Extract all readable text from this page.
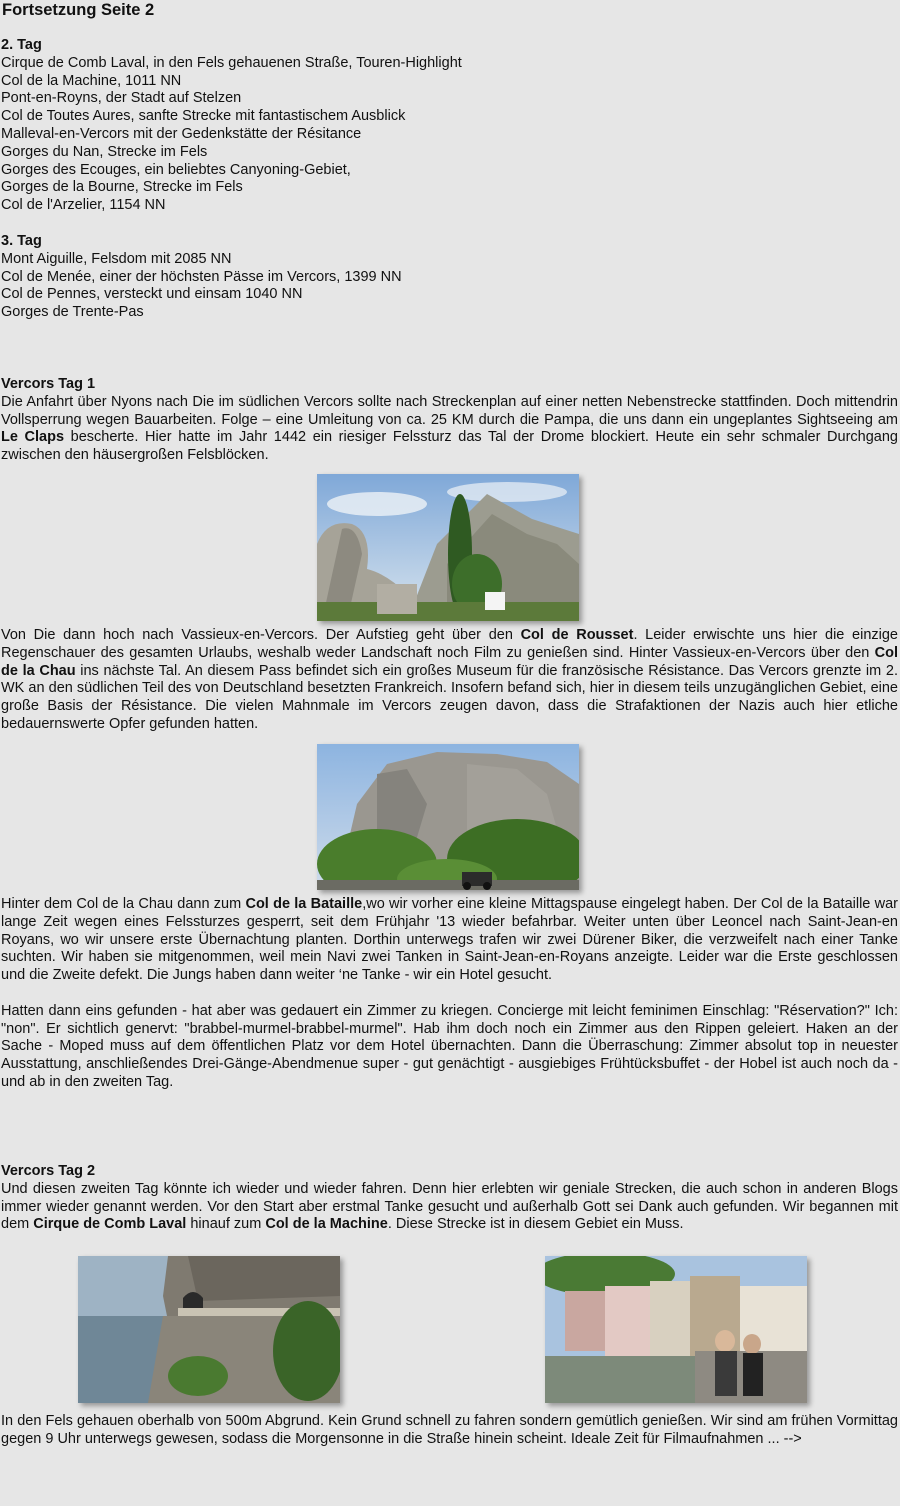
Fortsetzung Seite 2
2. Tag
Cirque de Comb Laval, in den Fels gehauenen Straße, Touren-Highlight
Col de la Machine, 1011 NN
Pont-en-Royns, der Stadt auf Stelzen
Col de Toutes Aures, sanfte Strecke mit fantastischem Ausblick
Malleval-en-Vercors mit der Gedenkstätte der Résitance
Gorges du Nan, Strecke im Fels
Gorges des Ecouges, ein beliebtes Canyoning-Gebiet,
Gorges de la Bourne, Strecke im Fels
Col de l'Arzelier, 1154 NN
3. Tag
Mont Aiguille, Felsdom mit 2085 NN
Col de Menée, einer der höchsten Pässe im Vercors, 1399 NN
Col de Pennes, versteckt und einsam 1040 NN
Gorges de Trente-Pas
Vercors Tag 1
Die Anfahrt über Nyons nach Die im südlichen Vercors sollte nach Streckenplan auf einer netten Nebenstrecke stattfinden. Doch mittendrin Vollsperrung wegen Bauarbeiten. Folge – eine Umleitung von ca. 25 KM durch die Pampa, die uns dann ein ungeplantes Sightseeing am Le Claps bescherte. Hier hatte im Jahr 1442 ein riesiger Felssturz das Tal der Drome blockiert. Heute ein sehr schmaler Durchgang zwischen den häusergroßen Felsblöcken.
Von Die dann hoch nach Vassieux-en-Vercors. Der Aufstieg geht über den Col de Rousset. Leider erwischte uns hier die einzige Regenschauer des gesamten Urlaubs, weshalb weder Landschaft noch Film zu genießen sind. Hinter Vassieux-en-Vercors über den Col de la Chau ins nächste Tal. An diesem Pass befindet sich ein großes Museum für die französische Résistance. Das Vercors grenzte im 2. WK an den südlichen Teil des von Deutschland besetzten Frankreich. Insofern befand sich, hier in diesem teils unzugänglichen Gebiet, eine große Basis der Résistance. Die vielen Mahnmale im Vercors zeugen davon, dass die Strafaktionen der Nazis auch hier etliche bedauernswerte Opfer gefunden hatten.
Hinter dem Col de la Chau dann zum Col de la Bataille,wo wir vorher eine kleine Mittagspause eingelegt haben. Der Col de la Bataille war lange Zeit wegen eines Felssturzes gesperrt, seit dem Frühjahr '13 wieder befahrbar. Weiter unten über Leoncel nach Saint-Jean-en Royans, wo wir unsere erste Übernachtung planten. Dorthin unterwegs trafen wir zwei Dürener Biker, die verzweifelt nach einer Tanke suchten. Wir haben sie mitgenommen, weil mein Navi zwei Tanken in Saint-Jean-en-Royans anzeigte. Leider war die Erste geschlossen und die Zweite defekt. Die Jungs haben dann weiter ‘ne Tanke - wir ein Hotel gesucht.
Hatten dann eins gefunden - hat aber was gedauert ein Zimmer zu kriegen. Concierge mit leicht feminimen Einschlag: "Réservation?" Ich: "non". Er sichtlich genervt: "brabbel-murmel-brabbel-murmel". Hab ihm doch noch ein Zimmer aus den Rippen geleiert. Haken an der Sache - Moped muss auf dem öffentlichen Platz vor dem Hotel übernachten. Dann die Überraschung: Zimmer absolut top in neuester Ausstattung, anschließendes Drei-Gänge-Abendmenue super - gut genächtigt - ausgiebiges Frühtücksbuffet - der Hobel ist auch noch da - und ab in den zweiten Tag.
Vercors Tag 2
Und diesen zweiten Tag könnte ich wieder und wieder fahren. Denn hier erlebten wir geniale Strecken, die auch schon in anderen Blogs immer wieder genannt werden. Vor den Start aber erstmal Tanke gesucht und außerhalb Gott sei Dank auch gefunden. Wir begannen mit dem Cirque de Comb Laval hinauf zum Col de la Machine. Diese Strecke ist in diesem Gebiet ein Muss.
In den Fels gehauen oberhalb von 500m Abgrund. Kein Grund schnell zu fahren sondern gemütlich genießen. Wir sind am frühen Vormittag gegen 9 Uhr unterwegs gewesen, sodass die Morgensonne in die Straße hinein scheint. Ideale Zeit für Filmaufnahmen ... -->
